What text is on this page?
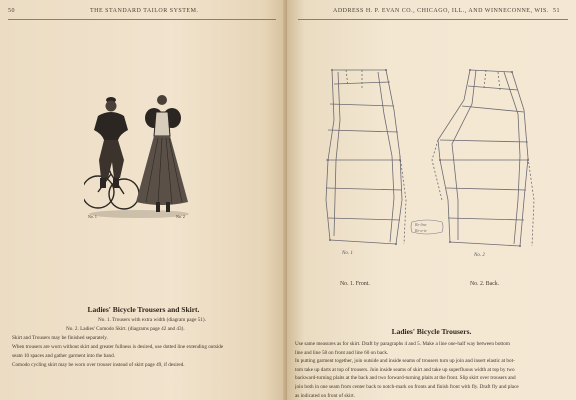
50	THE STANDARD TAILOR SYSTEM.
No. 1	No. 2
Ladies' Bicycle Trousers and Skirt.
No. 1. Trousers with extra width (diagram page 51).
No. 2. Ladies' Comodo Skirt. (diagrams page 42 and 43).
Skirt and Trousers may be finished separately.
When trousers are worn without skirt and greater fullness is desired, use dotted line extending outside
seam 10 spaces and gather garment into the band.
Comodo cycling skirt may be worn over trouser instead of skirt page 49, if desired.
ADDRESS H. P. EVAN CO., CHICAGO, ILL., AND WINNECONNE, WIS. 51
No. 1
Re-line
Re-a-ie
No. 2
No. 1. Front.	No. 2. Back.
Ladies' Bicycle Trousers.
Use same measures as for skirt. Draft by paragraphs 4 and 5. Make a line one-half way between bottom
line and line 58 on front and line 60 on back.
In putting garment together, join outside and inside seams of trousers turn up join and insert elastic at bot-
tom take up darts at top of trousers. Join inside seams of skirt and take up superfluous width at top by two
backward-turning plaits at the back and two forward-turning plaits at the front. Slip skirt over trousers and
join both in one seam from center back to notch-mark on fronts and finish front with fly. Draft fly and place
as indicated on front of skirt.
